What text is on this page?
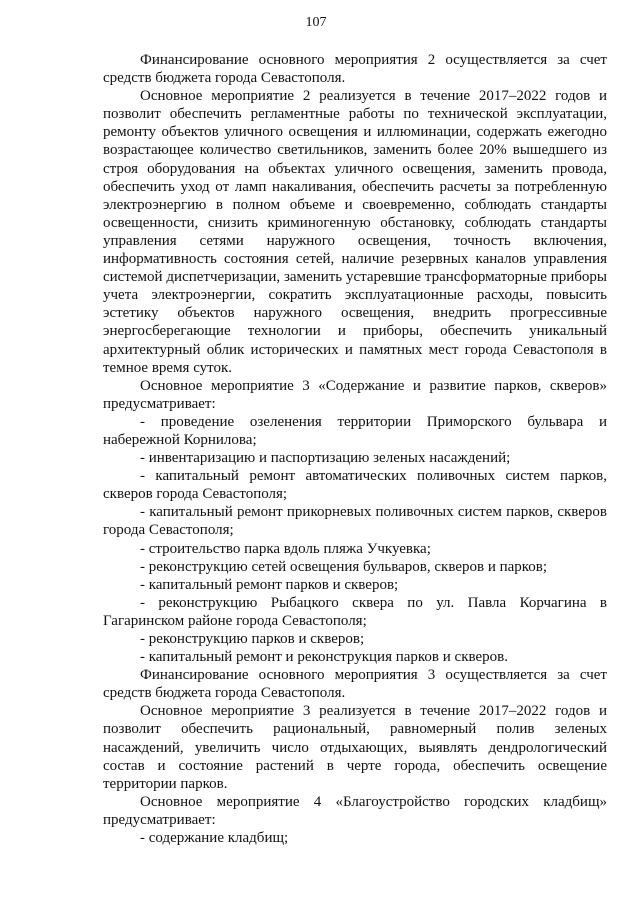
107

Финансирование основного мероприятия 2 осуществляется за счет средств бюджета города Севастополя.

Основное мероприятие 2 реализуется в течение 2017–2022 годов и позволит обеспечить регламентные работы по технической эксплуатации, ремонту объектов уличного освещения и иллюминации, содержать ежегодно возрастающее количество светильников, заменить более 20% вышедшего из строя оборудования на объектах уличного освещения, заменить провода, обеспечить уход от ламп накаливания, обеспечить расчеты за потребленную электроэнергию в полном объеме и своевременно, соблюдать стандарты освещенности, снизить криминогенную обстановку, соблюдать стандарты управления сетями наружного освещения, точность включения, информативность состояния сетей, наличие резервных каналов управления системой диспетчеризации, заменить устаревшие трансформаторные приборы учета электроэнергии, сократить эксплуатационные расходы, повысить эстетику объектов наружного освещения, внедрить прогрессивные энергосберегающие технологии и приборы, обеспечить уникальный архитектурный облик исторических и памятных мест города Севастополя в темное время суток.

Основное мероприятие 3 «Содержание и развитие парков, скверов» предусматривает:

- проведение озеленения территории Приморского бульвара и набережной Корнилова;

- инвентаризацию и паспортизацию зеленых насаждений;

- капитальный ремонт автоматических поливочных систем парков, скверов города Севастополя;

- капитальный ремонт прикорневых поливочных систем парков, скверов города Севастополя;

- строительство парка вдоль пляжа Учкуевка;

- реконструкцию сетей освещения бульваров, скверов и парков;

- капитальный ремонт парков и скверов;

- реконструкцию Рыбацкого сквера по ул. Павла Корчагина в Гагаринском районе города Севастополя;

- реконструкцию парков и скверов;

- капитальный ремонт и реконструкция парков и скверов.

Финансирование основного мероприятия 3 осуществляется за счет средств бюджета города Севастополя.

Основное мероприятие 3 реализуется в течение 2017–2022 годов и позволит обеспечить рациональный, равномерный полив зеленых насаждений, увеличить число отдыхающих, выявлять дендрологический состав и состояние растений в черте города, обеспечить освещение территории парков.

Основное мероприятие 4 «Благоустройство городских кладбищ» предусматривает:

- содержание кладбищ;
